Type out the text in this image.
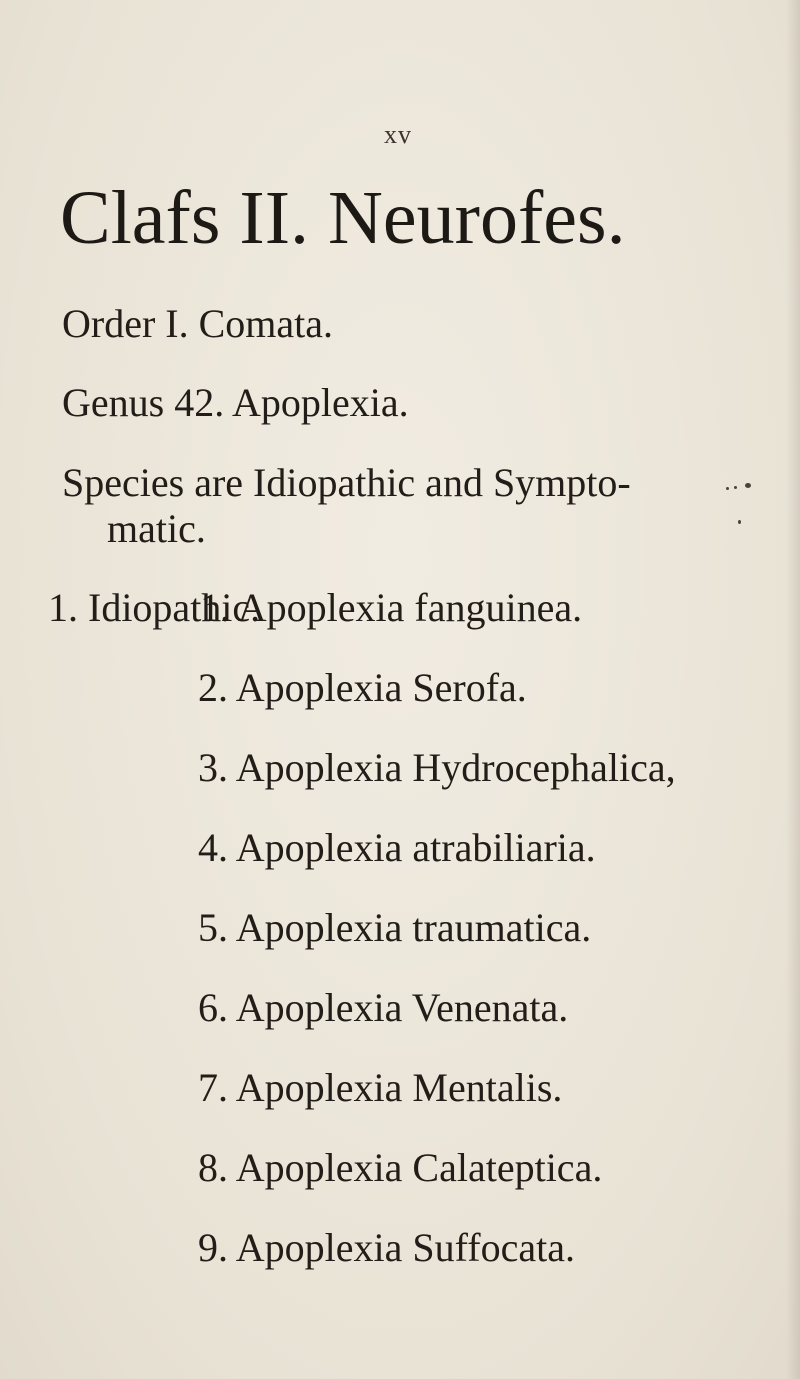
xv
Clafs II. Neurofes.
Order I. Comata.
Genus 42. Apoplexia.
Species are Idiopathic and Sympto-
matic.
1. Idiopathic.
1. Apoplexia fanguinea.
2. Apoplexia Serofa.
3. Apoplexia Hydrocephalica,
4. Apoplexia atrabiliaria.
5. Apoplexia traumatica.
6. Apoplexia Venenata.
7. Apoplexia Mentalis.
8. Apoplexia Calateptica.
9. Apoplexia Suffocata.
